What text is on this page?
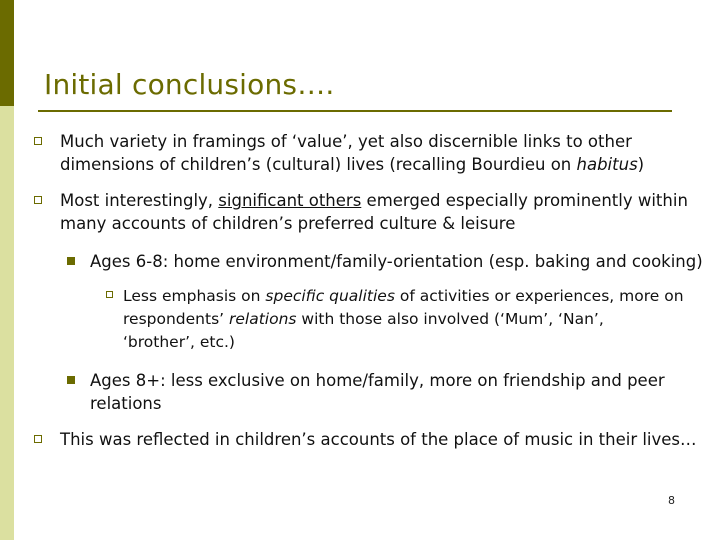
Initial conclusions….
Much variety in framings of ‘value’, yet also discernible links to other
dimensions of children’s (cultural) lives (recalling Bourdieu on habitus)
Most interestingly, significant others emerged especially prominently within
many accounts of children’s preferred culture & leisure
Ages 6-8: home environment/family-orientation (esp. baking and cooking)
Less emphasis on specific qualities of activities or experiences, more on
respondents’ relations with those also involved (‘Mum’, ‘Nan’,
‘brother’, etc.)
Ages 8+: less exclusive on home/family, more on friendship and peer
relations
This was reflected in children’s accounts of the place of music in their lives…
8
